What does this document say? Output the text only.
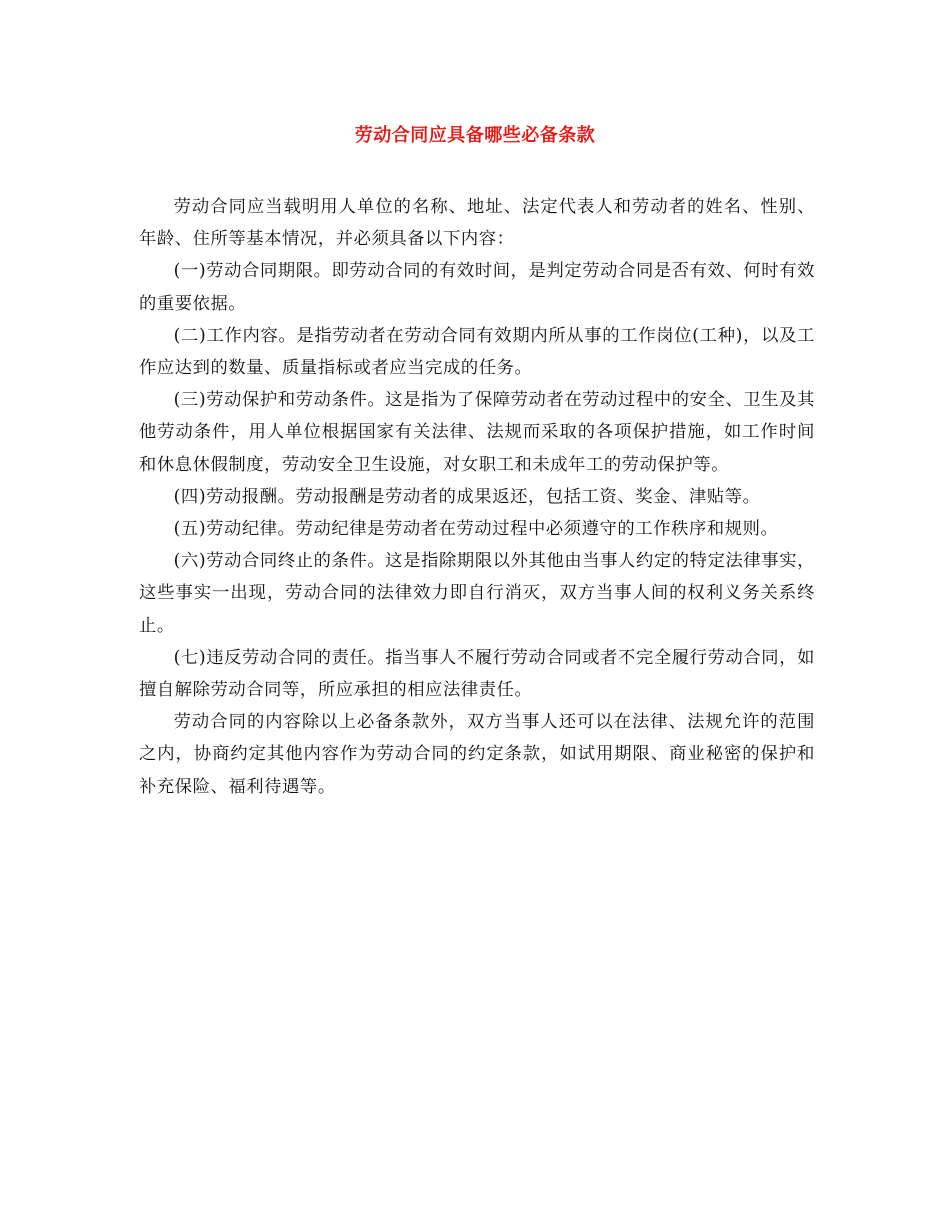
劳动合同应具备哪些必备条款

劳动合同应当载明用人单位的名称、地址、法定代表人和劳动者的姓名、性别、年龄、住所等基本情况，并必须具备以下内容：

(一)劳动合同期限。即劳动合同的有效时间，是判定劳动合同是否有效、何时有效的重要依据。

(二)工作内容。是指劳动者在劳动合同有效期内所从事的工作岗位(工种)，以及工作应达到的数量、质量指标或者应当完成的任务。

(三)劳动保护和劳动条件。这是指为了保障劳动者在劳动过程中的安全、卫生及其他劳动条件，用人单位根据国家有关法律、法规而采取的各项保护措施，如工作时间和休息休假制度，劳动安全卫生设施，对女职工和未成年工的劳动保护等。

(四)劳动报酬。劳动报酬是劳动者的成果返还，包括工资、奖金、津贴等。

(五)劳动纪律。劳动纪律是劳动者在劳动过程中必须遵守的工作秩序和规则。

(六)劳动合同终止的条件。这是指除期限以外其他由当事人约定的特定法律事实，这些事实一出现，劳动合同的法律效力即自行消灭，双方当事人间的权利义务关系终止。

(七)违反劳动合同的责任。指当事人不履行劳动合同或者不完全履行劳动合同，如擅自解除劳动合同等，所应承担的相应法律责任。

劳动合同的内容除以上必备条款外，双方当事人还可以在法律、法规允许的范围之内，协商约定其他内容作为劳动合同的约定条款，如试用期限、商业秘密的保护和补充保险、福利待遇等。
